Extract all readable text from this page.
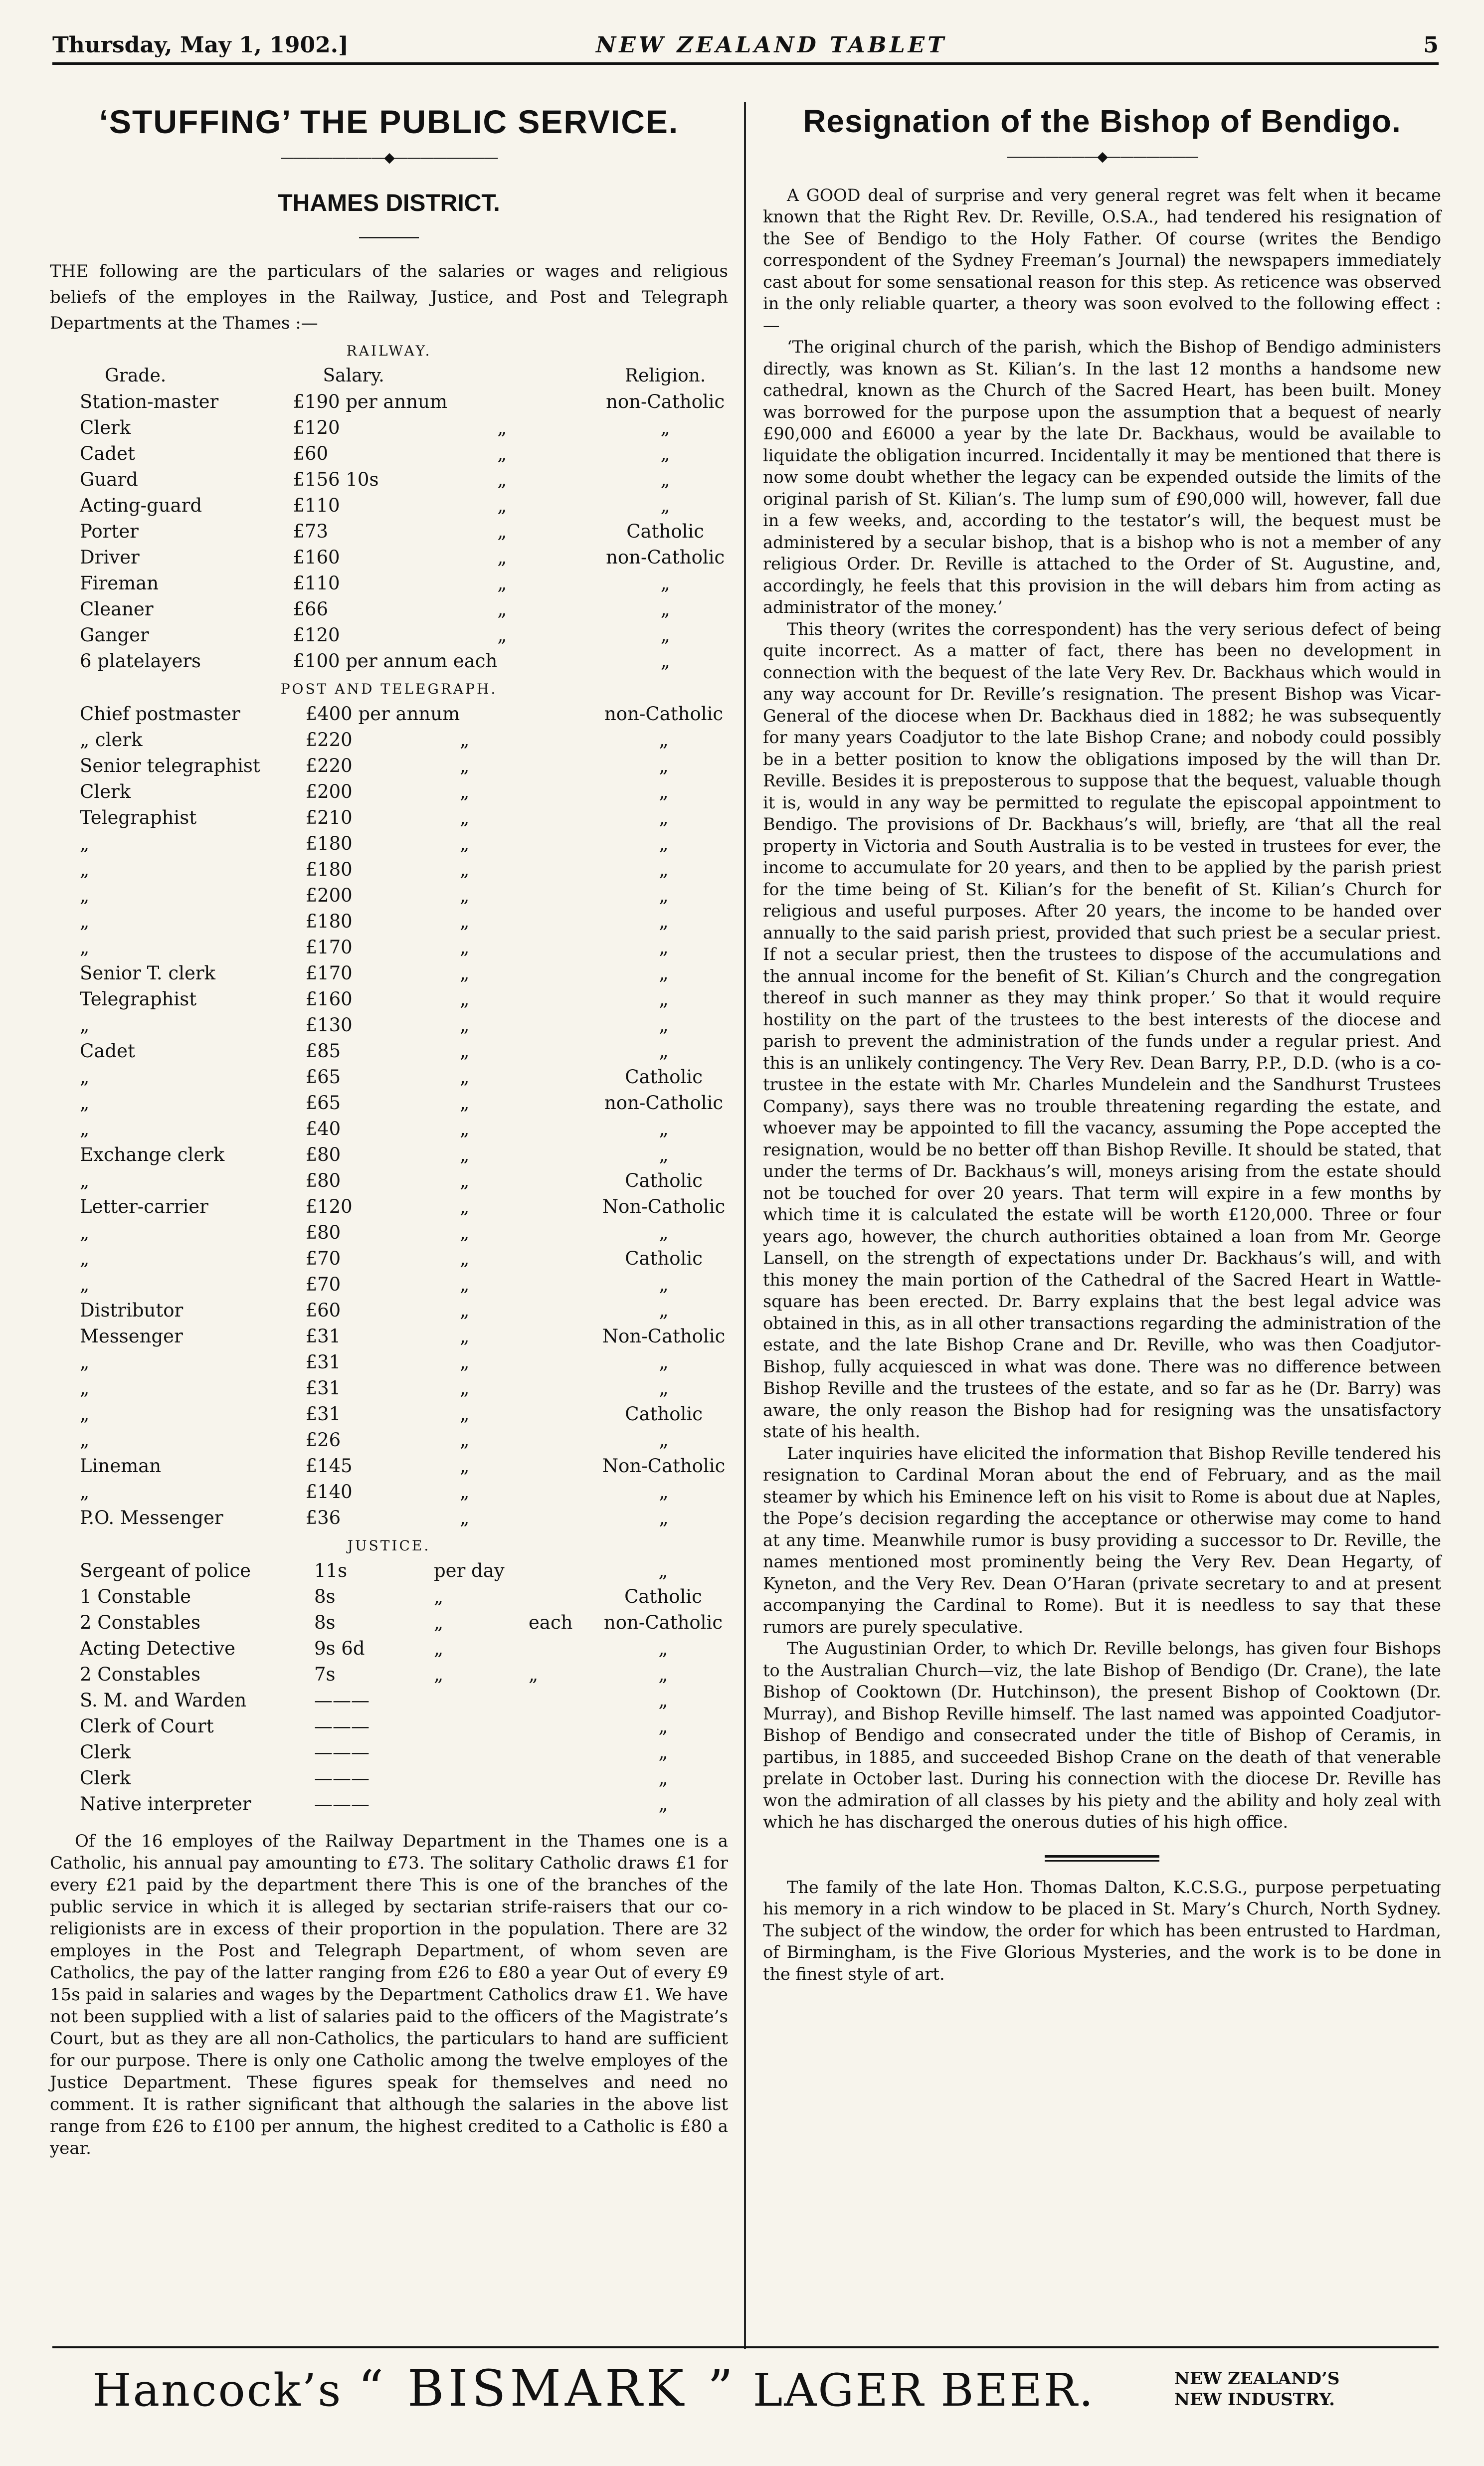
Thursday, May 1, 1902.]	NEW ZEALAND TABLET	5
‘STUFFING’ THE PUBLIC SERVICE.
————————◆————————
THAMES DISTRICT.
THE following are the particulars of the salaries or wages and religious beliefs of the employes in the Railway, Justice, and Post and Telegraph Departments at the Thames :—
RAILWAY.
Grade.	Salary.			Religion.
Station-master	£190 per annum			non-Catholic
Clerk	£120	„		„
Cadet	£60	„		„
Guard	£156 10s	„		„
Acting-guard	£110	„		„
Porter	£73	„		Catholic
Driver	£160	„		non-Catholic
Fireman	£110	„		„
Cleaner	£66	„		„
Ganger	£120	„		„
6 platelayers	£100 per annum each			„
POST AND TELEGRAPH.
Chief postmaster	£400 per annum			non-Catholic
„ clerk	£220	„		„
Senior telegraphist	£220	„		„
Clerk	£200	„		„
Telegraphist	£210	„		„
„	£180	„		„
„	£180	„		„
„	£200	„		„
„	£180	„		„
„	£170	„		„
Senior T. clerk	£170	„		„
Telegraphist	£160	„		„
„	£130	„		„
Cadet	£85	„		„
„	£65	„		Catholic
„	£65	„		non-Catholic
„	£40	„		„
Exchange clerk	£80	„		„
„	£80	„		Catholic
Letter-carrier	£120	„		Non-Catholic
„	£80	„		„
„	£70	„		Catholic
„	£70	„		„
Distributor	£60	„		„
Messenger	£31	„		Non-Catholic
„	£31	„		„
„	£31	„		„
„	£31	„		Catholic
„	£26	„		„
Lineman	£145	„		Non-Catholic
„	£140	„		„
P.O. Messenger	£36	„		„
JUSTICE.
Sergeant of police	11s	per day		„
1 Constable	8s	„		Catholic
2 Constables	8s	„	each	non-Catholic
Acting Detective	9s 6d	„		„
2 Constables	7s	„	„	„
S. M. and Warden	———			„
Clerk of Court	———			„
Clerk	———			„
Clerk	———			„
Native interpreter	———			„

Of the 16 employes of the Railway Department in the Thames one is a Catholic, his annual pay amounting to £73. The solitary Catholic draws £1 for every £21 paid by the department there This is one of the branches of the public service in which it is alleged by sectarian strife-raisers that our co-religionists are in excess of their proportion in the population. There are 32 employes in the Post and Telegraph Department, of whom seven are Catholics, the pay of the latter ranging from £26 to £80 a year Out of every £9 15s paid in salaries and wages by the Department Catholics draw £1. We have not been supplied with a list of salaries paid to the officers of the Magistrate’s Court, but as they are all non-Catholics, the particulars to hand are sufficient for our purpose. There is only one Catholic among the twelve employes of the Justice Department. These figures speak for themselves and need no comment. It is rather significant that although the salaries in the above list range from £26 to £100 per annum, the highest credited to a Catholic is £80 a year.

Resignation of the Bishop of Bendigo.
———————◆———————

A GOOD deal of surprise and very general regret was felt when it became known that the Right Rev. Dr. Reville, O.S.A., had tendered his resignation of the See of Bendigo to the Holy Father. Of course (writes the Bendigo correspondent of the Sydney Freeman’s Journal) the newspapers immediately cast about for some sensational reason for this step. As reticence was observed in the only reliable quarter, a theory was soon evolved to the following effect :—

‘The original church of the parish, which the Bishop of Bendigo administers directly, was known as St. Kilian’s. In the last 12 months a handsome new cathedral, known as the Church of the Sacred Heart, has been built. Money was borrowed for the purpose upon the assumption that a bequest of nearly £90,000 and £6000 a year by the late Dr. Backhaus, would be available to liquidate the obligation incurred. Incidentally it may be mentioned that there is now some doubt whether the legacy can be expended outside the limits of the original parish of St. Kilian’s. The lump sum of £90,000 will, however, fall due in a few weeks, and, according to the testator’s will, the bequest must be administered by a secular bishop, that is a bishop who is not a member of any religious Order. Dr. Reville is attached to the Order of St. Augustine, and, accordingly, he feels that this provision in the will debars him from acting as administrator of the money.’

This theory (writes the correspondent) has the very serious defect of being quite incorrect. As a matter of fact, there has been no development in connection with the bequest of the late Very Rev. Dr. Backhaus which would in any way account for Dr. Reville’s resignation. The present Bishop was Vicar-General of the diocese when Dr. Backhaus died in 1882; he was subsequently for many years Coadjutor to the late Bishop Crane; and nobody could possibly be in a better position to know the obligations imposed by the will than Dr. Reville. Besides it is preposterous to suppose that the bequest, valuable though it is, would in any way be permitted to regulate the episcopal appointment to Bendigo. The provisions of Dr. Backhaus’s will, briefly, are ‘that all the real property in Victoria and South Australia is to be vested in trustees for ever, the income to accumulate for 20 years, and then to be applied by the parish priest for the time being of St. Kilian’s for the benefit of St. Kilian’s Church for religious and useful purposes. After 20 years, the income to be handed over annually to the said parish priest, provided that such priest be a secular priest. If not a secular priest, then the trustees to dispose of the accumulations and the annual income for the benefit of St. Kilian’s Church and the congregation thereof in such manner as they may think proper.’ So that it would require hostility on the part of the trustees to the best interests of the diocese and parish to prevent the administration of the funds under a regular priest. And this is an unlikely contingency. The Very Rev. Dean Barry, P.P., D.D. (who is a co-trustee in the estate with Mr. Charles Mundelein and the Sandhurst Trustees Company), says there was no trouble threatening regarding the estate, and whoever may be appointed to fill the vacancy, assuming the Pope accepted the resignation, would be no better off than Bishop Reville. It should be stated, that under the terms of Dr. Backhaus’s will, moneys arising from the estate should not be touched for over 20 years. That term will expire in a few months by which time it is calculated the estate will be worth £120,000. Three or four years ago, however, the church authorities obtained a loan from Mr. George Lansell, on the strength of expectations under Dr. Backhaus’s will, and with this money the main portion of the Cathedral of the Sacred Heart in Wattle-square has been erected. Dr. Barry explains that the best legal advice was obtained in this, as in all other transactions regarding the administration of the estate, and the late Bishop Crane and Dr. Reville, who was then Coadjutor-Bishop, fully acquiesced in what was done. There was no difference between Bishop Reville and the trustees of the estate, and so far as he (Dr. Barry) was aware, the only reason the Bishop had for resigning was the unsatisfactory state of his health.

Later inquiries have elicited the information that Bishop Reville tendered his resignation to Cardinal Moran about the end of February, and as the mail steamer by which his Eminence left on his visit to Rome is about due at Naples, the Pope’s decision regarding the acceptance or otherwise may come to hand at any time. Meanwhile rumor is busy providing a successor to Dr. Reville, the names mentioned most prominently being the Very Rev. Dean Hegarty, of Kyneton, and the Very Rev. Dean O’Haran (private secretary to and at present accompanying the Cardinal to Rome). But it is needless to say that these rumors are purely speculative.

The Augustinian Order, to which Dr. Reville belongs, has given four Bishops to the Australian Church—viz, the late Bishop of Bendigo (Dr. Crane), the late Bishop of Cooktown (Dr. Hutchinson), the present Bishop of Cooktown (Dr. Murray), and Bishop Reville himself. The last named was appointed Coadjutor-Bishop of Bendigo and consecrated under the title of Bishop of Ceramis, in partibus, in 1885, and succeeded Bishop Crane on the death of that venerable prelate in October last. During his connection with the diocese Dr. Reville has won the admiration of all classes by his piety and the ability and holy zeal with which he has discharged the onerous duties of his high office.

The family of the late Hon. Thomas Dalton, K.C.S.G., purpose perpetuating his memory in a rich window to be placed in St. Mary’s Church, North Sydney. The subject of the window, the order for which has been entrusted to Hardman, of Birmingham, is the Five Glorious Mysteries, and the work is to be done in the finest style of art.

Hancock’s “ BISMARK ” LAGER BEER.	NEW ZEALAND’S
NEW INDUSTRY.
